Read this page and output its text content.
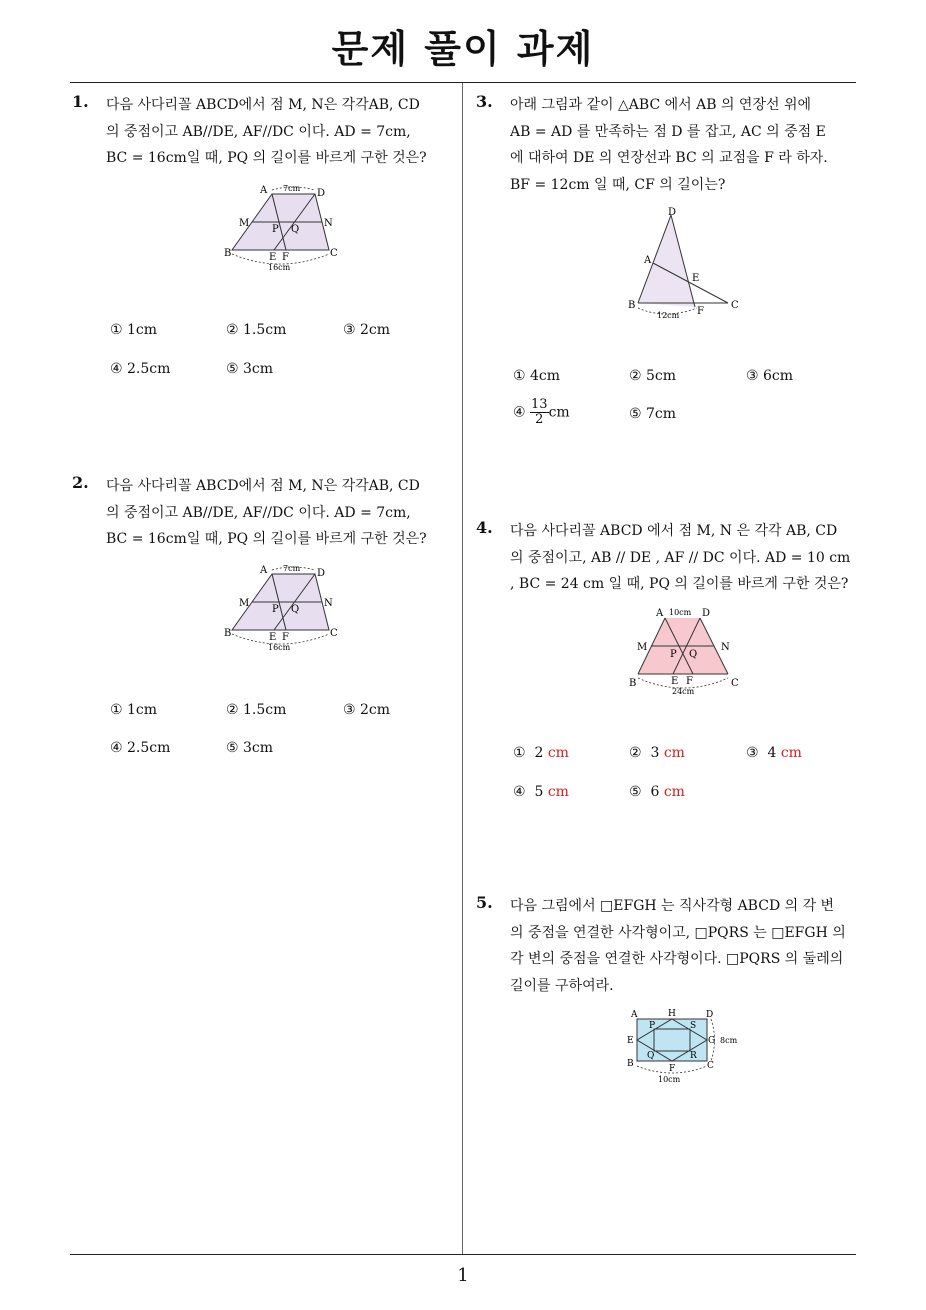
문제 풀이 과제
1
1. 다음 사다리꼴 ABCD에서 점 M, N은 각각AB, CD
의 중점이고 AB//DE, AF//DC 이다. AD = 7cm,
BC = 16cm일 때, PQ 의 길이를 바르게 구한 것은?
A	D
M	N
P Q
B	E F	C
7cm
16cm
① 1cm	② 1.5cm	③ 2cm
④ 2.5cm	⑤ 3cm
2. 다음 사다리꼴 ABCD에서 점 M, N은 각각AB, CD
의 중점이고 AB//DE, AF//DC 이다. AD = 7cm,
BC = 16cm일 때, PQ 의 길이를 바르게 구한 것은?
A	D
M	N
P Q
B	E F	C
7cm
16cm
① 1cm	② 1.5cm	③ 2cm
④ 2.5cm	⑤ 3cm
3. 아래 그림과 같이 △ABC 에서 AB 의 연장선 위에
AB = AD 를 만족하는 점 D 를 잡고, AC 의 중점 E
에 대하여 DE 의 연장선과 BC 의 교점을 F 라 하자.
BF = 12cm 일 때, CF 의 길이는?
D
A
E
B
F
C
12cm
① 4cm	② 5cm	③ 6cm
④ $\frac{13}{2}$ cm	⑤ 7cm
4. 다음 사다리꼴 ABCD 에서 점 M, N 은 각각 AB, CD
의 중점이고, AB // DE , AF // DC 이다. AD = 10 cm
, BC = 24 cm 일 때, PQ 의 길이를 바르게 구한 것은?
A	D
M	N
P Q
B	E F	C
10cm
24cm
① 2 cm	② 3 cm	③ 4 cm
④ 5 cm	⑤ 6 cm
5. 다음 그림에서 □EFGH 는 직사각형 ABCD 의 각 변
의 중점을 연결한 사각형이고, □PQRS 는 □EFGH 의
각 변의 중점을 연결한 사각형이다. □PQRS 의 둘레의
길이를 구하여라.
A	H	D
P	S
E	G
Q	R
B	F	C
8cm
10cm
